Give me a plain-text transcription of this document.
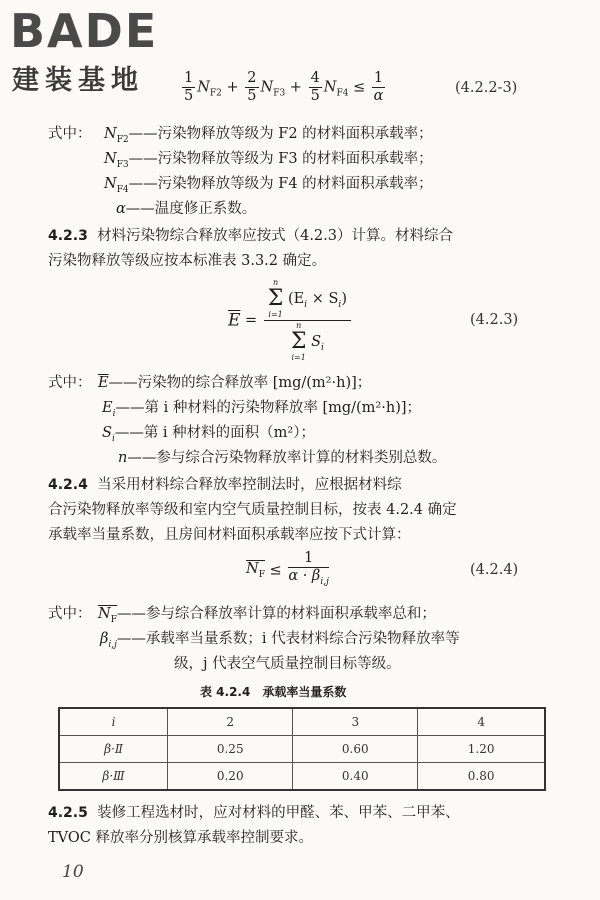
BADE
建装基地	$\frac{1}{5} N_{F2} + \frac{2}{5} N_{F3} + \frac{4}{5} N_{F4} \le \frac{1}{\alpha}$	(4.2.2-3)
式中： $N_{F2}——$污染物释放等级为 F2 的材料面积承载率；
$N_{F3}——$污染物释放等级为 F3 的材料面积承载率；
$N_{F4}——$污染物释放等级为 F4 的材料面积承载率；
α——温度修正系数。
4.2.3 材料污染物综合释放率应按式（4.2.3）计算。材料综合
污染物释放等级应按本标准表 3.3.2 确定。
$\overline{E} = n$
Σ
i=1
$(E_i \times S_i)$
n
Σ
i=1
$S_i$	(4.2.3)
式中： $\overline{E}——$污染物的综合释放率 [mg/(m²·h)]；
$E_i——$第 i 种材料的污染物释放率 [mg/(m²·h)]；
$S_i——$第 i 种材料的面积（m²）；
n——参与综合污染物释放率计算的材料类别总数。
4.2.4 当采用材料综合释放率控制法时，应根据材料综
合污染物释放率等级和室内空气质量控制目标，按表 4.2.4 确定
承载率当量系数，且房间材料面积承载率应按下式计算：
$N_F \le \frac{1}{\alpha \cdot \beta_{i,j}}$	(4.2.4)
式中： $N_F——$参与综合释放率计算的材料面积承载率总和；
$\beta_{i,j}——$承载率当量系数；i 代表材料综合污染物释放率等
级，j 代表空气质量控制目标等级。
表 4.2.4　承载率当量系数
i	2	3	4
β·Ⅱ	0.25	0.60	1.20
β·Ⅲ	0.20	0.40	0.80
4.2.5 装修工程选材时，应对材料的甲醛、苯、甲苯、二甲苯、
TVOC 释放率分别核算承载率控制要求。
10
